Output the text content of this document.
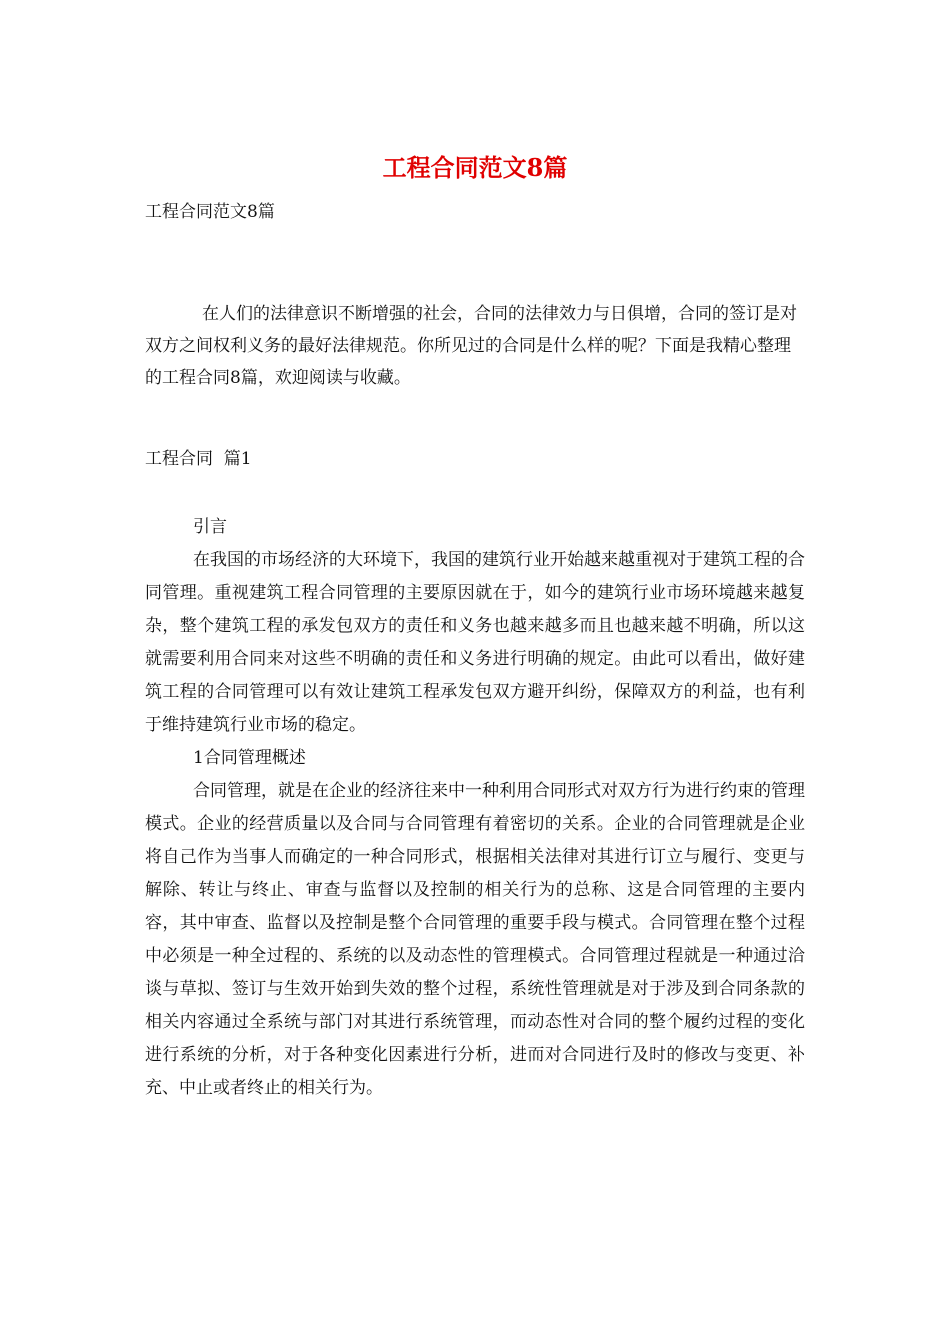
工程合同范文8篇
工程合同范文8篇

在人们的法律意识不断增强的社会，合同的法律效力与日俱增，合同的签订是对双方之间权利义务的最好法律规范。你所见过的合同是什么样的呢？下面是我精心整理的工程合同8篇，欢迎阅读与收藏。

工程合同  篇1

引言

在我国的市场经济的大环境下，我国的建筑行业开始越来越重视对于建筑工程的合同管理。重视建筑工程合同管理的主要原因就在于，如今的建筑行业市场环境越来越复杂，整个建筑工程的承发包双方的责任和义务也越来越多而且也越来越不明确，所以这就需要利用合同来对这些不明确的责任和义务进行明确的规定。由此可以看出，做好建筑工程的合同管理可以有效让建筑工程承发包双方避开纠纷，保障双方的利益，也有利于维持建筑行业市场的稳定。

1合同管理概述

合同管理，就是在企业的经济往来中一种利用合同形式对双方行为进行约束的管理模式。企业的经营质量以及合同与合同管理有着密切的关系。企业的合同管理就是企业将自己作为当事人而确定的一种合同形式，根据相关法律对其进行订立与履行、变更与解除、转让与终止、审查与监督以及控制的相关行为的总称、这是合同管理的主要内容，其中审查、监督以及控制是整个合同管理的重要手段与模式。合同管理在整个过程中必须是一种全过程的、系统的以及动态性的管理模式。合同管理过程就是一种通过洽谈与草拟、签订与生效开始到失效的整个过程，系统性管理就是对于涉及到合同条款的相关内容通过全系统与部门对其进行系统管理，而动态性对合同的整个履约过程的变化进行系统的分析，对于各种变化因素进行分析，进而对合同进行及时的修改与变更、补充、中止或者终止的相关行为。
